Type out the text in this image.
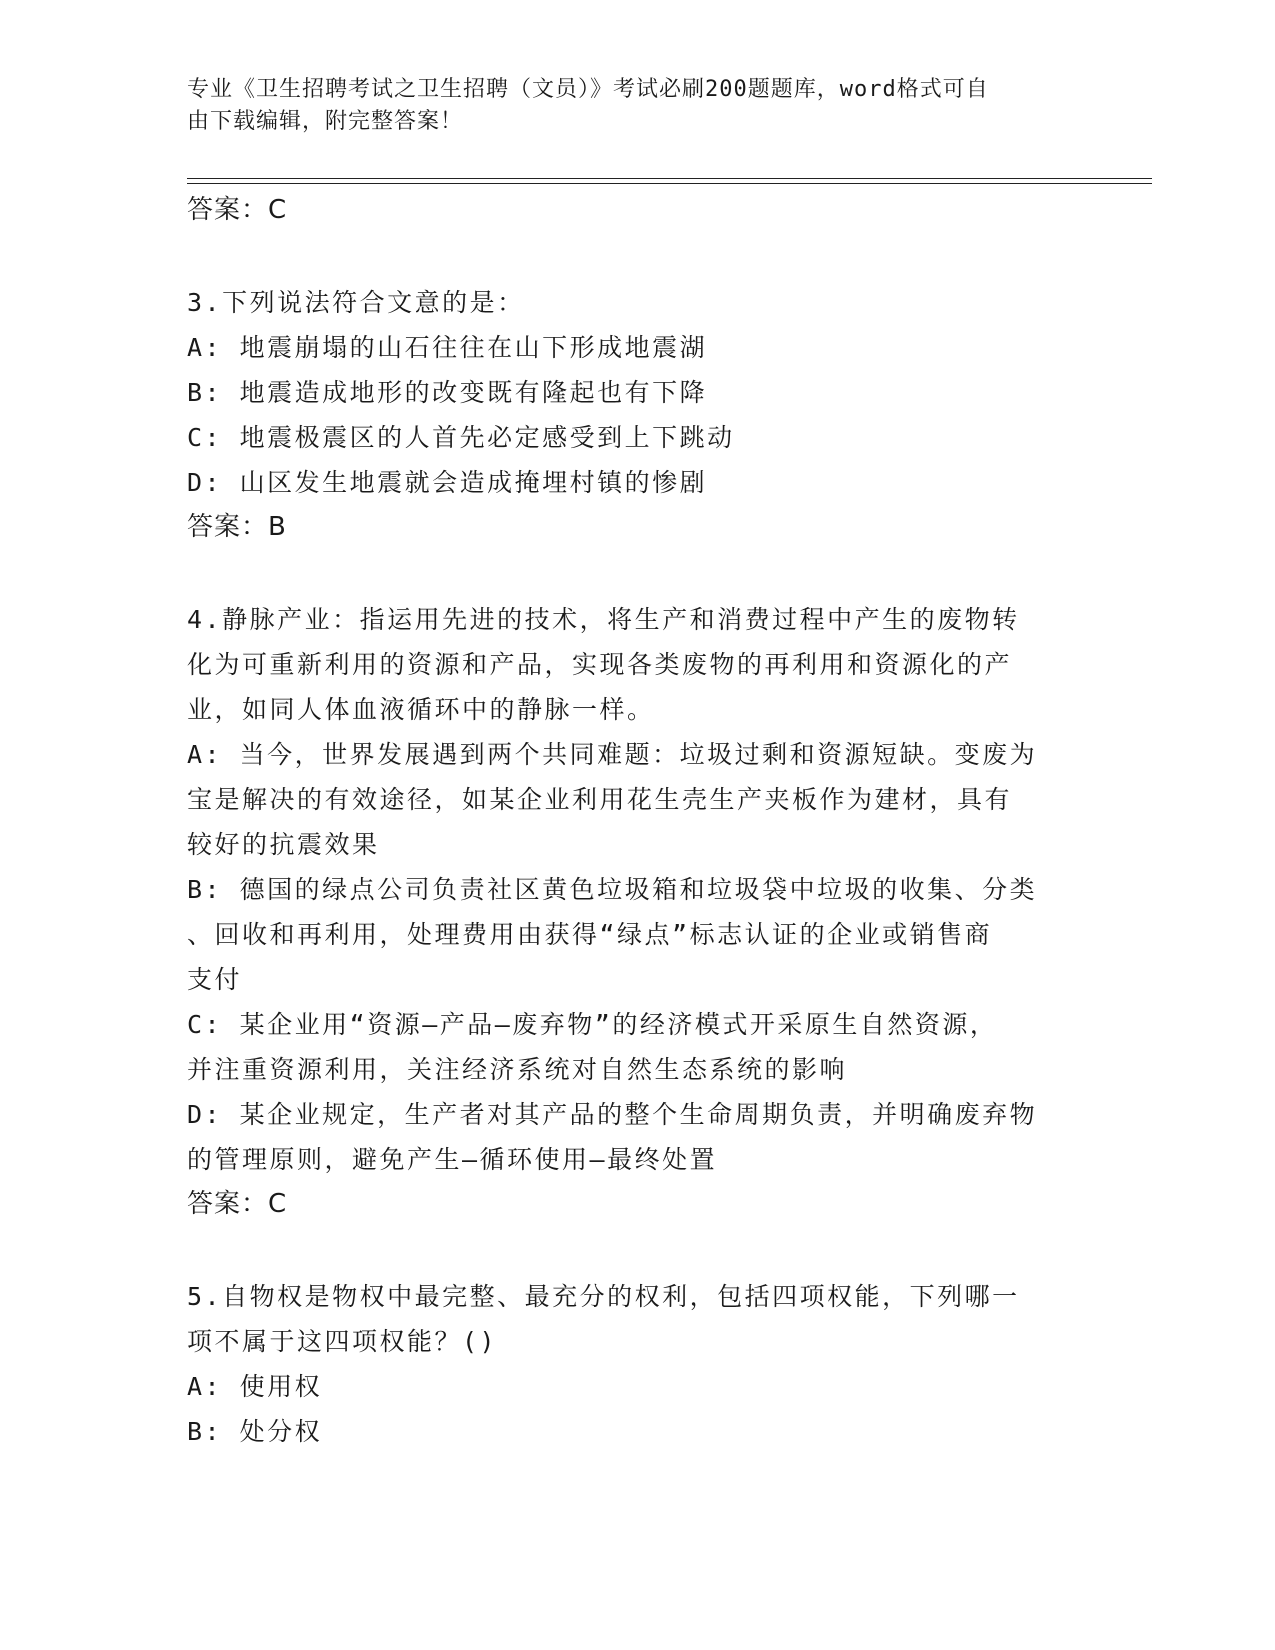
专业《卫生招聘考试之卫生招聘（文员）》考试必刷200题题库，word格式可自
由下载编辑，附完整答案！
答案：C
3.下列说法符合文意的是：
A: 地震崩塌的山石往往在山下形成地震湖
B: 地震造成地形的改变既有隆起也有下降
C: 地震极震区的人首先必定感受到上下跳动
D: 山区发生地震就会造成掩埋村镇的惨剧
答案：B
4.静脉产业：指运用先进的技术，将生产和消费过程中产生的废物转
化为可重新利用的资源和产品，实现各类废物的再利用和资源化的产
业，如同人体血液循环中的静脉一样。
A: 当今，世界发展遇到两个共同难题：垃圾过剩和资源短缺。变废为
宝是解决的有效途径，如某企业利用花生壳生产夹板作为建材，具有
较好的抗震效果
B: 德国的绿点公司负责社区黄色垃圾箱和垃圾袋中垃圾的收集、分类
、回收和再利用，处理费用由获得“绿点”标志认证的企业或销售商
支付
C: 某企业用“资源—产品—废弃物”的经济模式开采原生自然资源，
并注重资源利用，关注经济系统对自然生态系统的影响
D: 某企业规定，生产者对其产品的整个生命周期负责，并明确废弃物
的管理原则，避免产生—循环使用—最终处置
答案：C
5.自物权是物权中最完整、最充分的权利，包括四项权能，下列哪一
项不属于这四项权能？()
A: 使用权
B: 处分权
